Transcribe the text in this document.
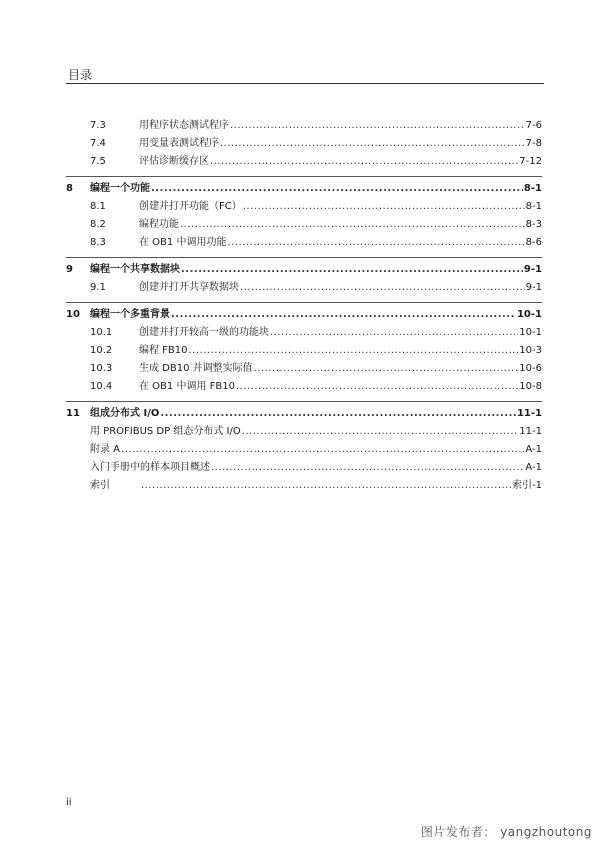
目录
7.3	用程序状态测试程序 .....	7-6
7.4	用变量表测试程序 .....	7-8
7.5	评估诊断缓存区 .....	7-12
8 编程一个功能 .....	8-1
8.1	创建并打开功能（FC） .....	8-1
8.2	编程功能 .....	8-3
8.3	在 OB1 中调用功能 .....	8-6
9 编程一个共享数据块 .....	9-1
9.1	创建并打开共享数据块 .....	9-1
10 编程一个多重背景 .....	10-1
10.1	创建并打开较高一级的功能块 .....	10-1
10.2	编程 FB10 .....	10-3
10.3	生成 DB10 并调整实际值 .....	10-6
10.4	在 OB1 中调用 FB10 .....	10-8
11 组成分布式 I/O .....	11-1
用 PROFIBUS DP 组态分布式 I/O .....	11-1
附录 A .....	A-1
入门手册中的样本项目概述 .....	A-1
索引 .....	索引-1
ii
图片发布者： yangzhoutong
